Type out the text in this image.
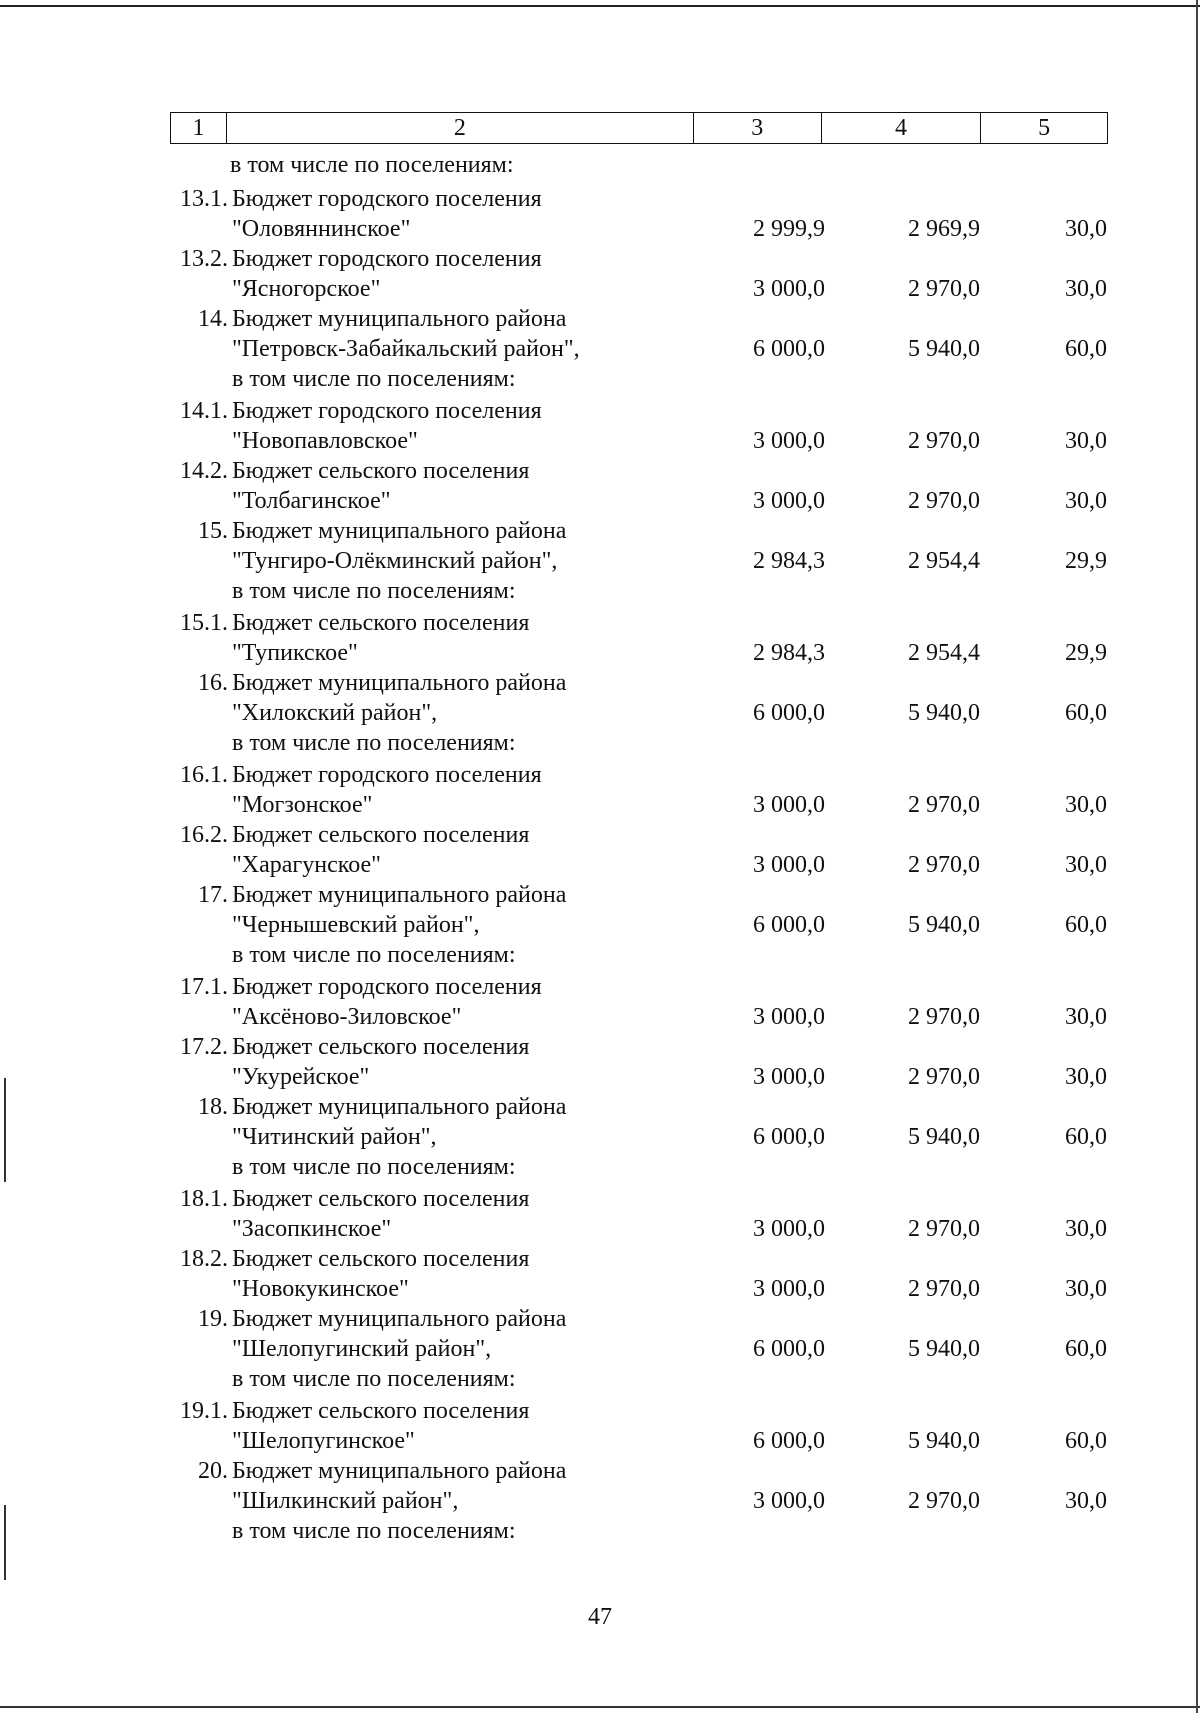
1	2	3	4	5
в том числе по поселениям:
13.1. Бюджет городского поселения
"Оловяннинское"	2 999,9	2 969,9	30,0
13.2. Бюджет городского поселения
"Ясногорское"	3 000,0	2 970,0	30,0
14. Бюджет муниципального района
"Петровск-Забайкальский район",
в том числе по поселениям:
6 000,0	5 940,0	60,0
14.1. Бюджет городского поселения
"Новопавловское"	3 000,0	2 970,0	30,0
14.2. Бюджет сельского поселения
"Толбагинское"	3 000,0	2 970,0	30,0
15. Бюджет муниципального района
"Тунгиро-Олёкминский район",
в том числе по поселениям:
2 984,3	2 954,4	29,9
15.1. Бюджет сельского поселения
"Тупикское"	2 984,3	2 954,4	29,9
16. Бюджет муниципального района
"Хилокский район",
в том числе по поселениям:
6 000,0	5 940,0	60,0
16.1. Бюджет городского поселения
"Могзонское"	3 000,0	2 970,0	30,0
16.2. Бюджет сельского поселения
"Харагунское"	3 000,0	2 970,0	30,0
17. Бюджет муниципального района
"Чернышевский район",
в том числе по поселениям:
6 000,0	5 940,0	60,0
17.1. Бюджет городского поселения
"Аксёново-Зиловское"	3 000,0	2 970,0	30,0
17.2. Бюджет сельского поселения
"Укурейское"	3 000,0	2 970,0	30,0
18. Бюджет муниципального района
"Читинский район",
в том числе по поселениям:
6 000,0	5 940,0	60,0
18.1. Бюджет сельского поселения
"Засопкинское"	3 000,0	2 970,0	30,0
18.2. Бюджет сельского поселения
"Новокукинское"	3 000,0	2 970,0	30,0
19. Бюджет муниципального района
"Шелопугинский район",
в том числе по поселениям:
6 000,0	5 940,0	60,0
19.1. Бюджет сельского поселения
"Шелопугинское"	6 000,0	5 940,0	60,0
20. Бюджет муниципального района
"Шилкинский район",
в том числе по поселениям:
3 000,0	2 970,0	30,0
47
